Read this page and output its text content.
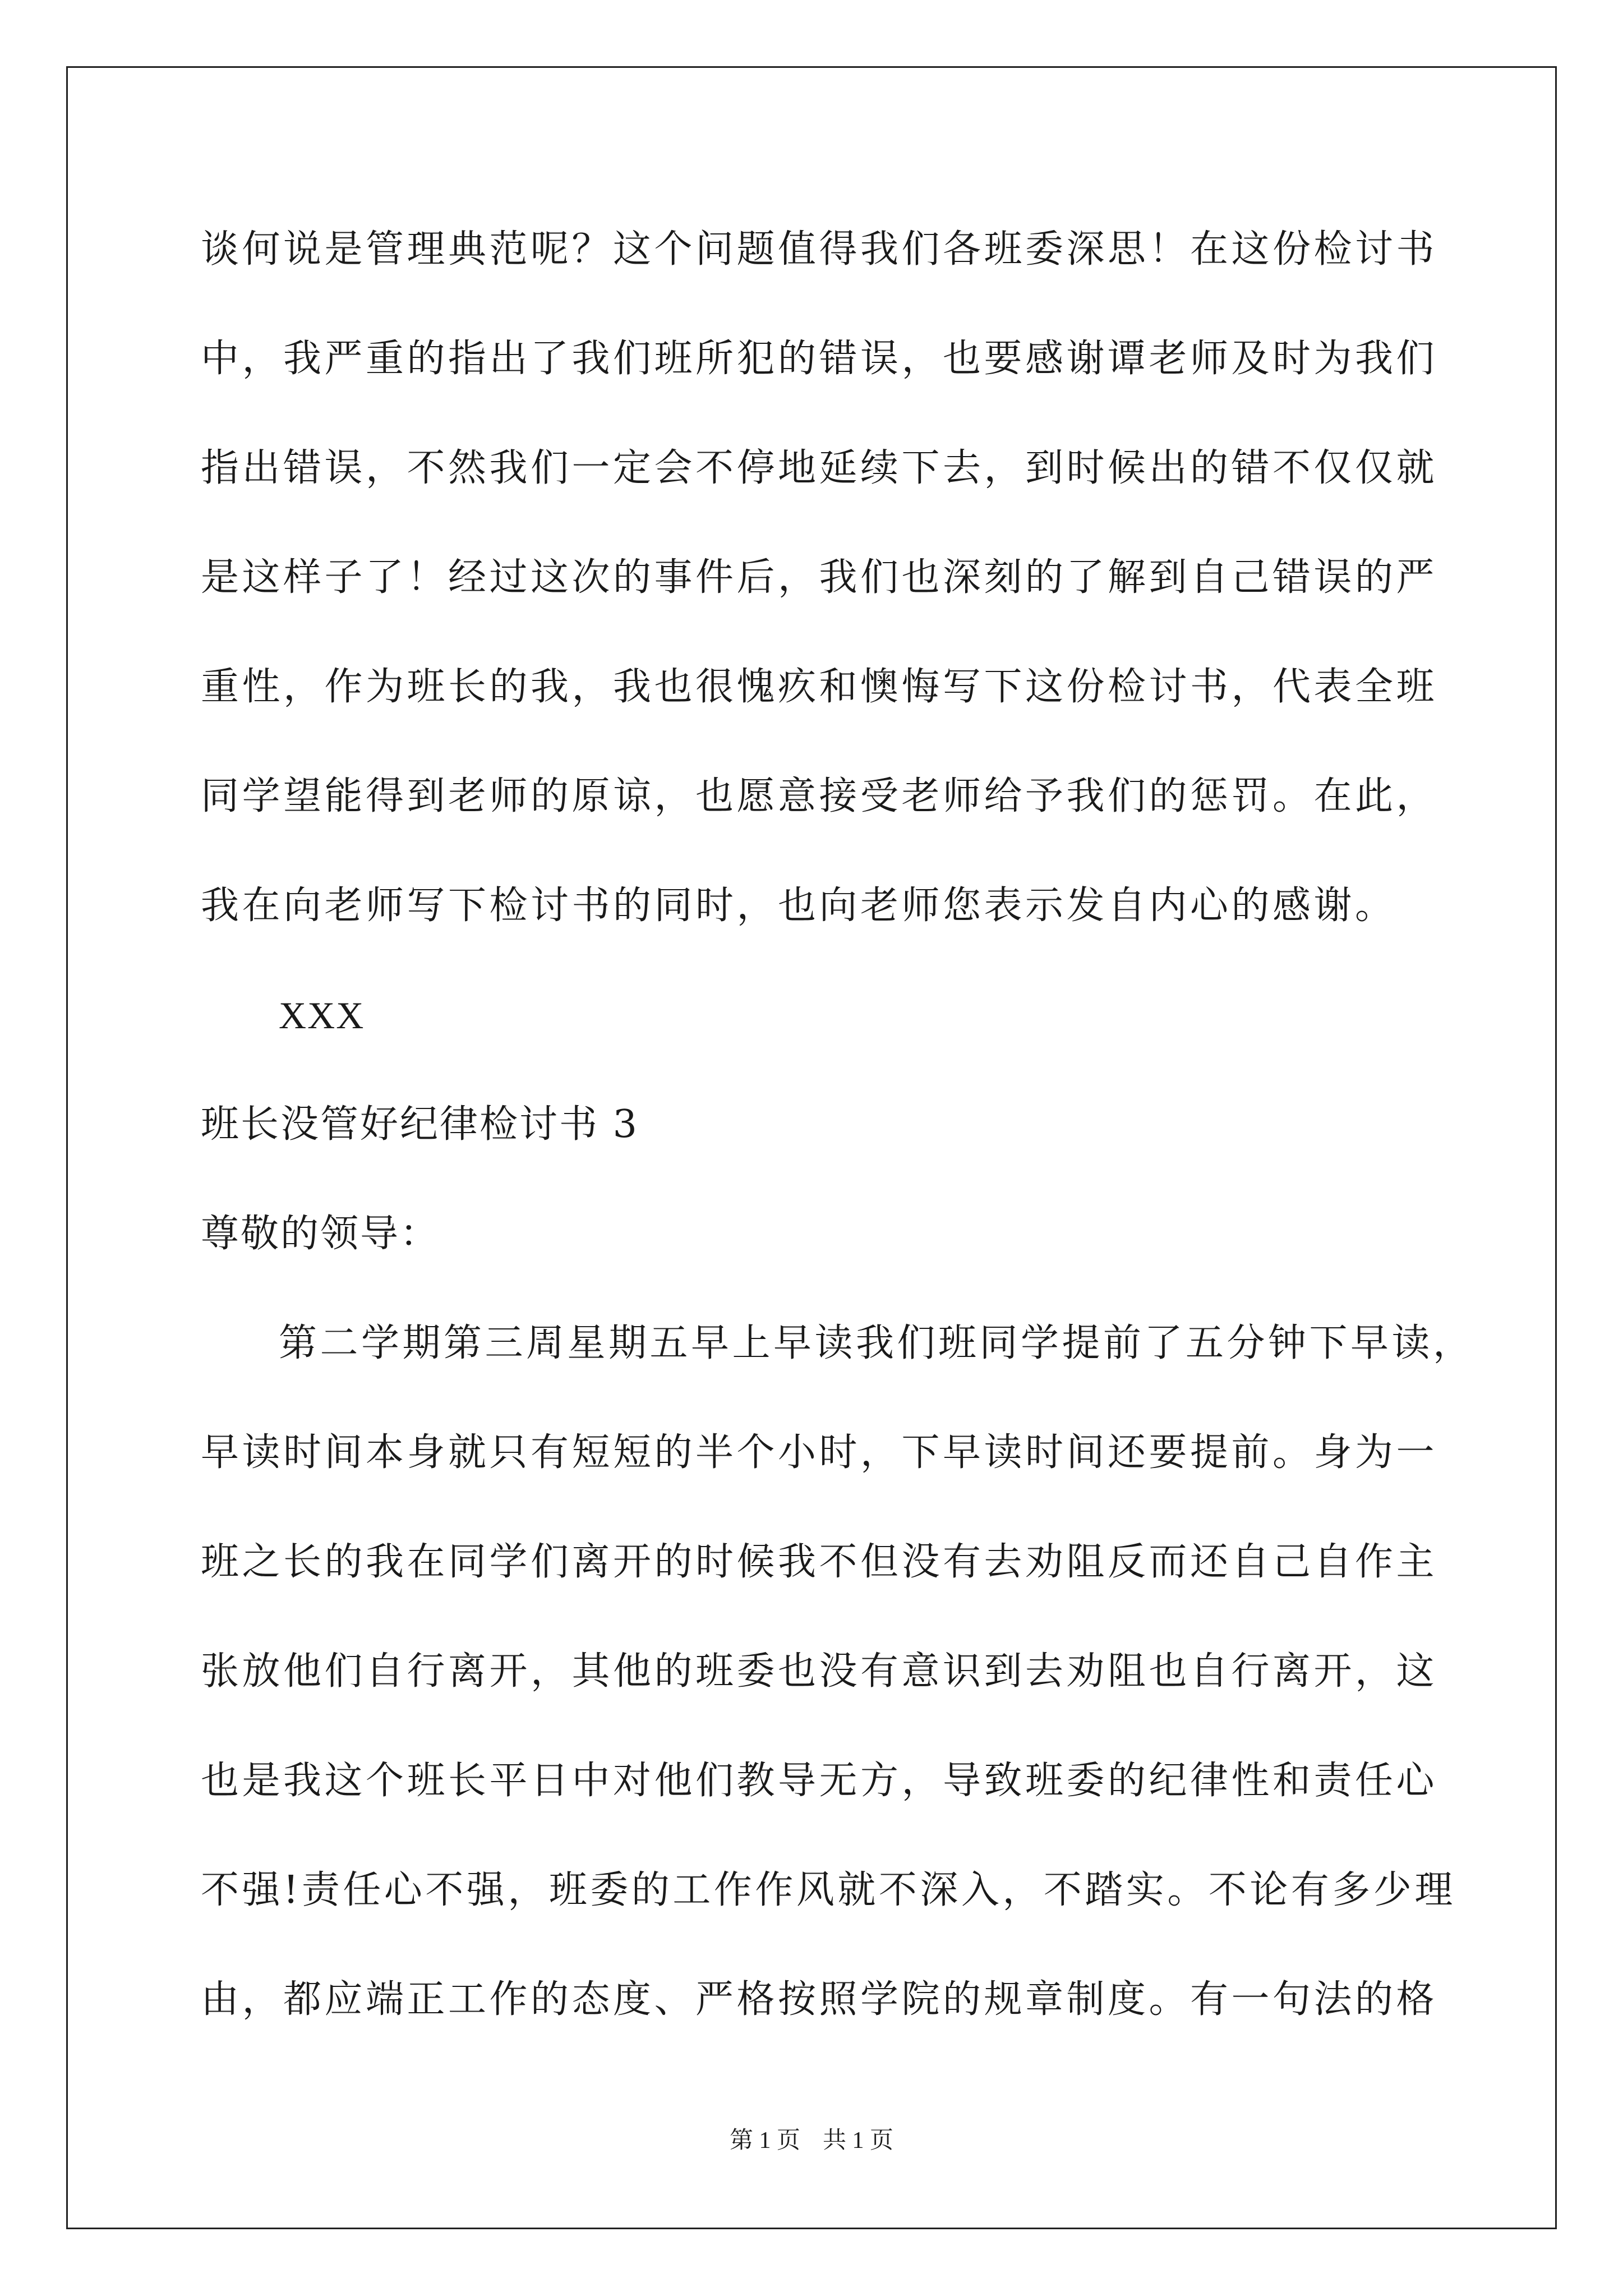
谈何说是管理典范呢？这个问题值得我们各班委深思！在这份检讨书
中，我严重的指出了我们班所犯的错误，也要感谢谭老师及时为我们
指出错误，不然我们一定会不停地延续下去，到时候出的错不仅仅就
是这样子了！经过这次的事件后，我们也深刻的了解到自己错误的严
重性，作为班长的我，我也很愧疚和懊悔写下这份检讨书，代表全班
同学望能得到老师的原谅，也愿意接受老师给予我们的惩罚。在此，
我在向老师写下检讨书的同时，也向老师您表示发自内心的感谢。
XXX
班长没管好纪律检讨书 3
尊敬的领导：
第二学期第三周星期五早上早读我们班同学提前了五分钟下早读，
早读时间本身就只有短短的半个小时，下早读时间还要提前。身为一
班之长的我在同学们离开的时候我不但没有去劝阻反而还自己自作主
张放他们自行离开，其他的班委也没有意识到去劝阻也自行离开，这
也是我这个班长平日中对他们教导无方，导致班委的纪律性和责任心
不强!责任心不强，班委的工作作风就不深入，不踏实。不论有多少理
由，都应端正工作的态度、严格按照学院的规章制度。有一句法的格
第 1 页 共 1 页
